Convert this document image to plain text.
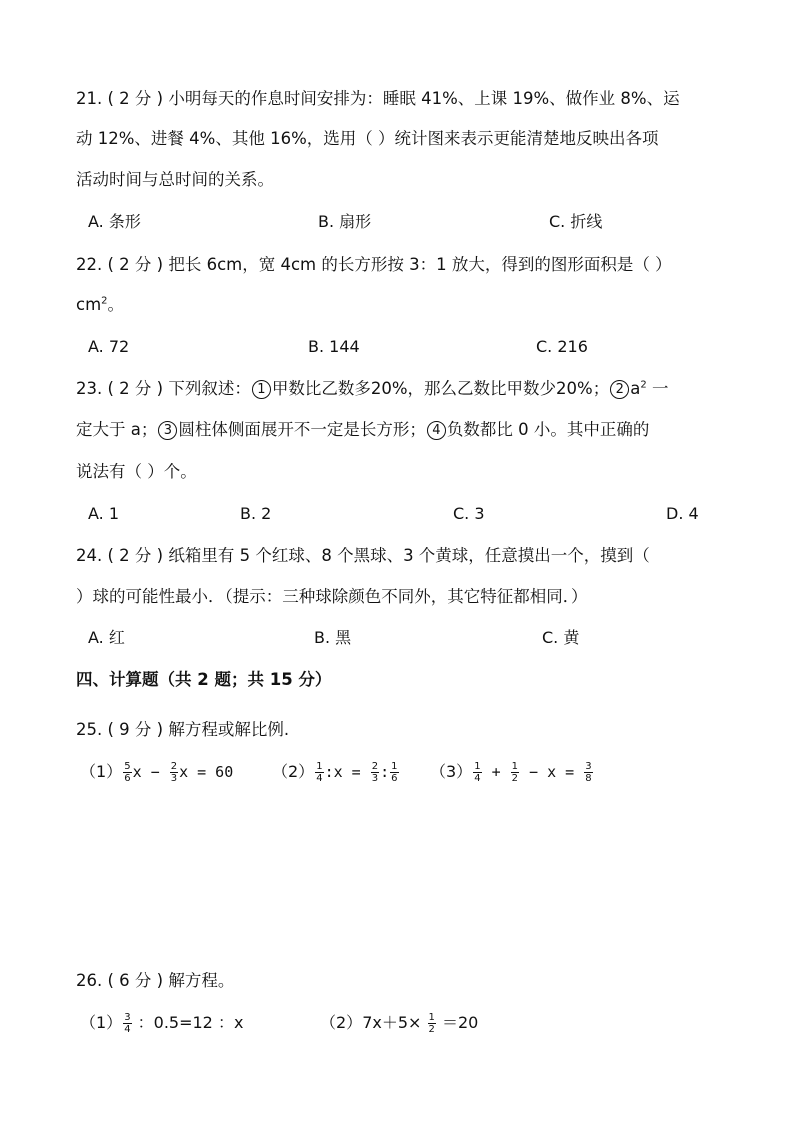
21. ( 2 分 ) 小明每天的作息时间安排为：睡眠 41%、上课 19%、做作业 8%、运
动 12%、进餐 4%、其他 16%，选用（ ）统计图来表示更能清楚地反映出各项
活动时间与总时间的关系。
A. 条形	B. 扇形	C. 折线
22. ( 2 分 ) 把长 6cm，宽 4cm 的长方形按 3：1 放大，得到的图形面积是（ ）
$cm^2$。
A. 72	B. 144	C. 216
23. ( 2 分 ) 下列叙述： 1 甲数比乙数多20%，那么乙数比甲数少20%； 2 $a^2$ 一
定大于 a； 3 圆柱体侧面展开不一定是长方形； 4 负数都比 0 小。其中正确的
说法有（ ）个。
A. 1	B. 2	C. 3	D. 4
24. ( 2 分 ) 纸箱里有 5 个红球、8 个黑球、3 个黄球，任意摸出一个，摸到（
）球的可能性最小．（提示：三种球除颜色不同外，其它特征都相同．）
A. 红	B. 黑	C. 黄
四、计算题（共 2 题；共 15 分）
25. ( 9 分 ) 解方程或解比例.
$(1) \frac{5}{6}$ $x - \frac{2}{3}$ x = 60 $(2) \frac{1}{4}$ :x = $\frac{2}{3}$ : $\frac{1}{6} (3) \frac{1}{4} + \frac{1}{2} - x = \frac{3}{8}$
26. ( 6 分 ) 解方程。
$(1) \frac{3}{4}$ ：0.5=12 ：x	$(2)7x+5\times \frac{1}{2} =20$
